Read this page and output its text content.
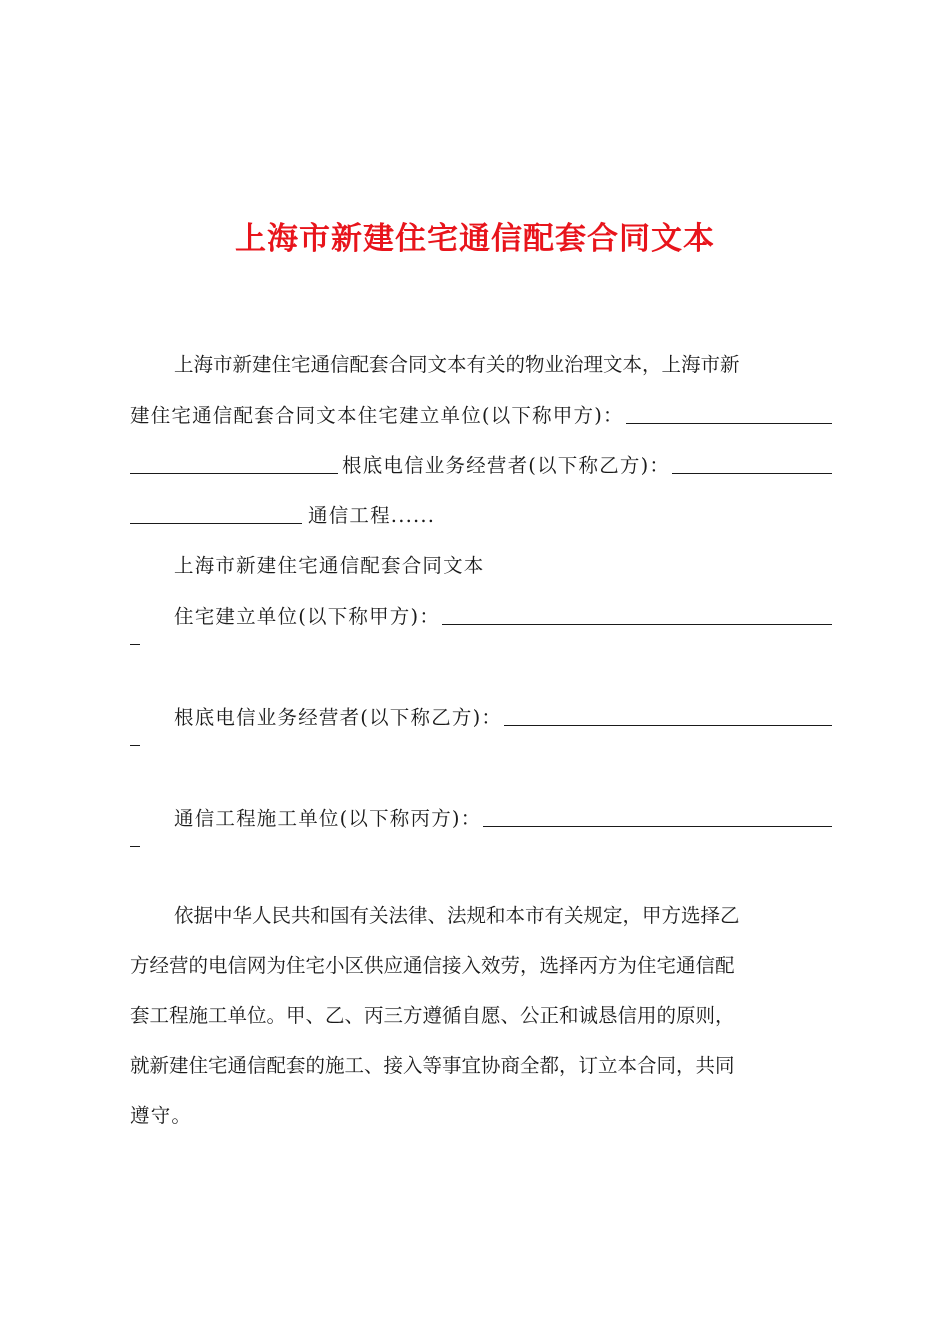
上海市新建住宅通信配套合同文本
上海市新建住宅通信配套合同文本有关的物业治理文本，上海市新
建住宅通信配套合同文本住宅建立单位(以下称甲方)：
根底电信业务经营者(以下称乙方)：
通信工程......
上海市新建住宅通信配套合同文本
住宅建立单位(以下称甲方)：
根底电信业务经营者(以下称乙方)：
通信工程施工单位(以下称丙方)：
依据中华人民共和国有关法律、法规和本市有关规定，甲方选择乙
方经营的电信网为住宅小区供应通信接入效劳，选择丙方为住宅通信配
套工程施工单位。甲、乙、丙三方遵循自愿、公正和诚恳信用的原则，
就新建住宅通信配套的施工、接入等事宜协商全都，订立本合同，共同
遵守。
